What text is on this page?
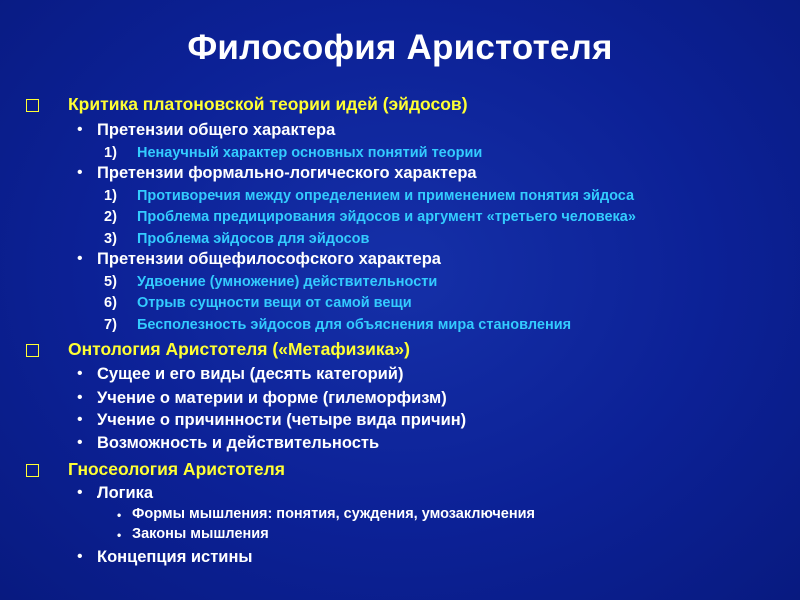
Философия Аристотеля
Критика платоновской теории идей (эйдосов)
• Претензии общего характера
1) Ненаучный характер основных понятий теории
• Претензии формально-логического характера
1) Противоречия между определением и применением понятия эйдоса
2) Проблема предицирования эйдосов и аргумент «третьего человека»
3) Проблема эйдосов для эйдосов
• Претензии общефилософского характера
5) Удвоение (умножение) действительности
6) Отрыв сущности вещи от самой вещи
7) Бесполезность эйдосов для объяснения мира становления
Онтология Аристотеля («Метафизика»)
• Сущее и его виды (десять категорий)
• Учение о материи и форме (гилеморфизм)
• Учение о причинности (четыре вида причин)
• Возможность и действительность
Гносеология Аристотеля
• Логика
• Формы мышления: понятия, суждения, умозаключения
• Законы мышления
• Концепция истины
